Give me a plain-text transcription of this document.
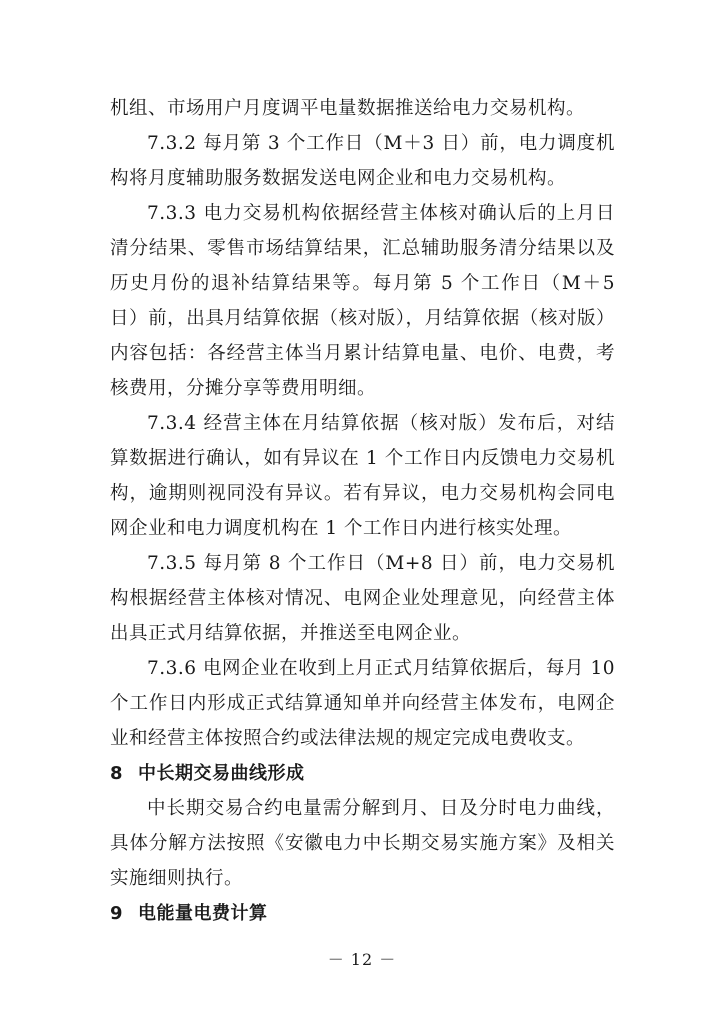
机组、市场用户月度调平电量数据推送给电力交易机构。

7.3.2 每月第 3 个工作日（M＋3 日）前，电力调度机构将月度辅助服务数据发送电网企业和电力交易机构。

7.3.3 电力交易机构依据经营主体核对确认后的上月日清分结果、零售市场结算结果，汇总辅助服务清分结果以及历史月份的退补结算结果等。每月第 5 个工作日（M＋5 日）前，出具月结算依据（核对版），月结算依据（核对版）内容包括：各经营主体当月累计结算电量、电价、电费，考核费用，分摊分享等费用明细。

7.3.4 经营主体在月结算依据（核对版）发布后，对结算数据进行确认，如有异议在 1 个工作日内反馈电力交易机构，逾期则视同没有异议。若有异议，电力交易机构会同电网企业和电力调度机构在 1 个工作日内进行核实处理。

7.3.5 每月第 8 个工作日（M+8 日）前，电力交易机构根据经营主体核对情况、电网企业处理意见，向经营主体出具正式月结算依据，并推送至电网企业。

7.3.6 电网企业在收到上月正式月结算依据后，每月 10 个工作日内形成正式结算通知单并向经营主体发布，电网企业和经营主体按照合约或法律法规的规定完成电费收支。

8 中长期交易曲线形成

中长期交易合约电量需分解到月、日及分时电力曲线，具体分解方法按照《安徽电力中长期交易实施方案》及相关实施细则执行。

9 电能量电费计算

－ 12 －
